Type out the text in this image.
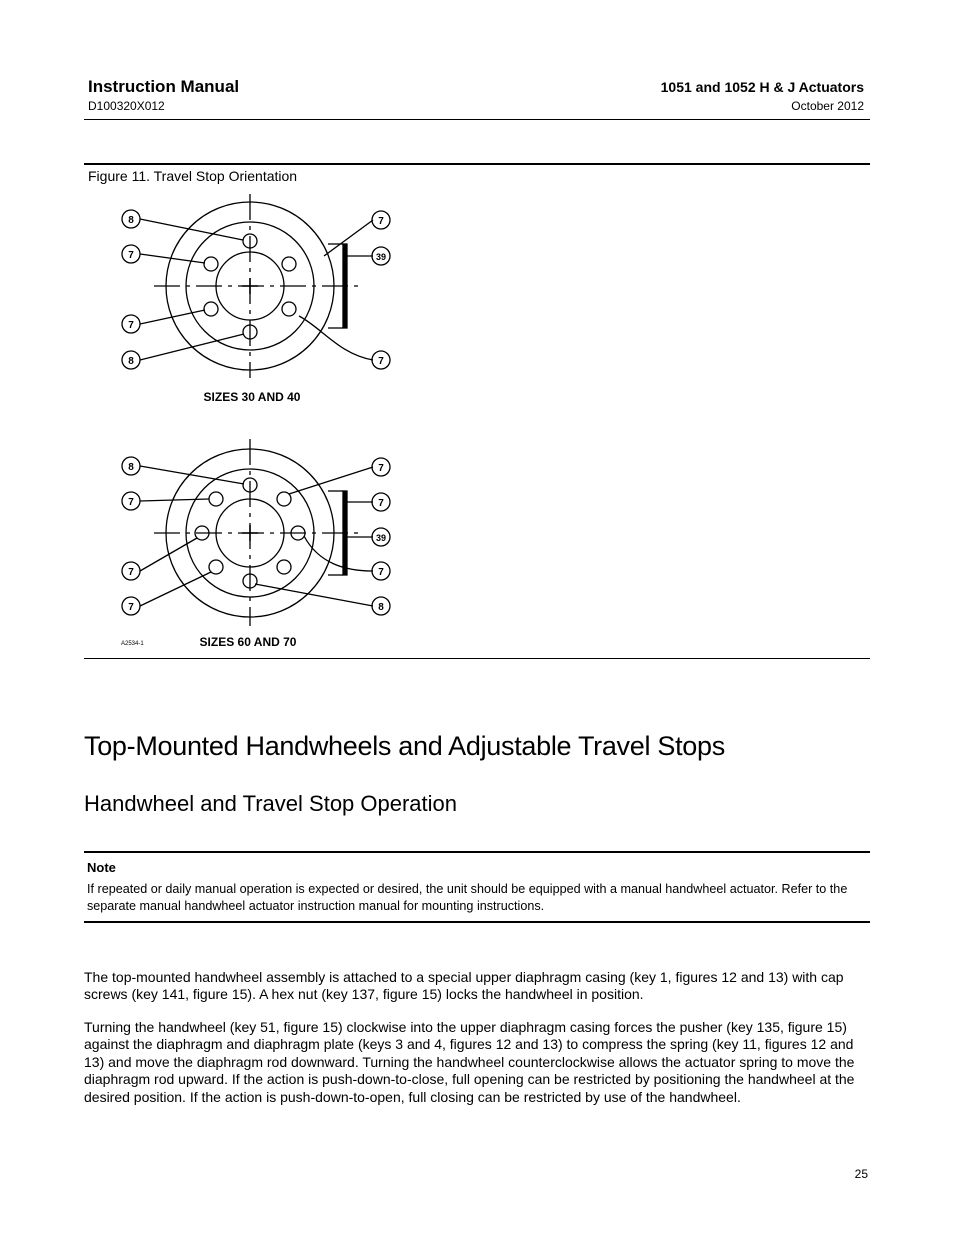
Instruction Manual
D100320X012
1051 and 1052 H & J Actuators
October 2012
Figure 11. Travel Stop Orientation
8
7
7
8
7
39
7
8
7
7
7
7
7
39
7
8
SIZES 30 AND 40
SIZES 60 AND 70
A2534-1
Top-Mounted Handwheels and Adjustable Travel Stops
Handwheel and Travel Stop Operation
Note
If repeated or daily manual operation is expected or desired, the unit should be equipped with a manual handwheel actuator. Refer to the separate manual handwheel actuator instruction manual for mounting instructions.
The top-mounted handwheel assembly is attached to a special upper diaphragm casing (key 1, figures 12 and 13) with cap screws (key 141, figure 15). A hex nut (key 137, figure 15) locks the handwheel in position.
Turning the handwheel (key 51, figure 15) clockwise into the upper diaphragm casing forces the pusher (key 135, figure 15) against the diaphragm and diaphragm plate (keys 3 and 4, figures 12 and 13) to compress the spring (key 11, figures 12 and 13) and move the diaphragm rod downward. Turning the handwheel counterclockwise allows the actuator spring to move the diaphragm rod upward. If the action is push-down-to-close, full opening can be restricted by positioning the handwheel at the desired position. If the action is push-down-to-open, full closing can be restricted by use of the handwheel.
25
